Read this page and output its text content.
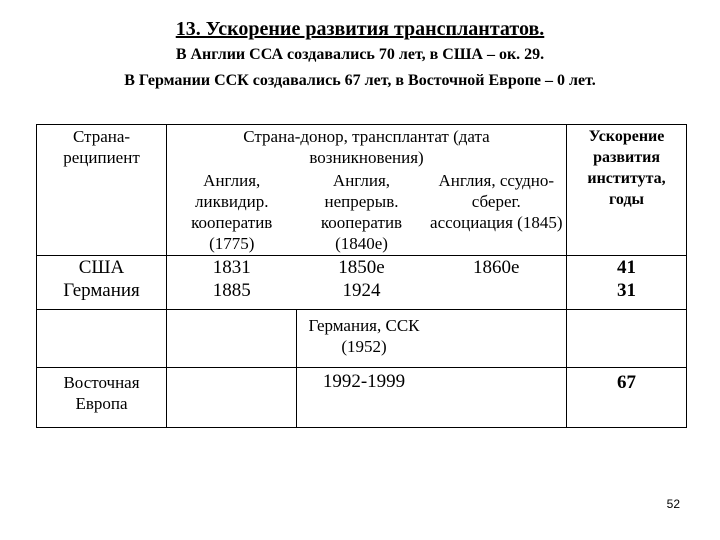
13. Ускорение развития трансплантатов.
В Англии ССА создавались 70 лет, в США – ок. 29.
В Германии ССК создавались 67 лет, в Восточной Европе – 0 лет.
Страна-реципиент	Страна-донор, трансплантат (дата возникновения)			Ускорение развития института, годы
	Англия, ликвидир. кооператив (1775)	Англия, непрерыв. кооператив (1840е)	Англия, ссудно-сберег. ассоциация (1845)	
США	1831	1850е	1860е	41
Германия	1885	1924		31

		Германия, ССК (1952)		

Восточная Европа		1992-1999		67
52
